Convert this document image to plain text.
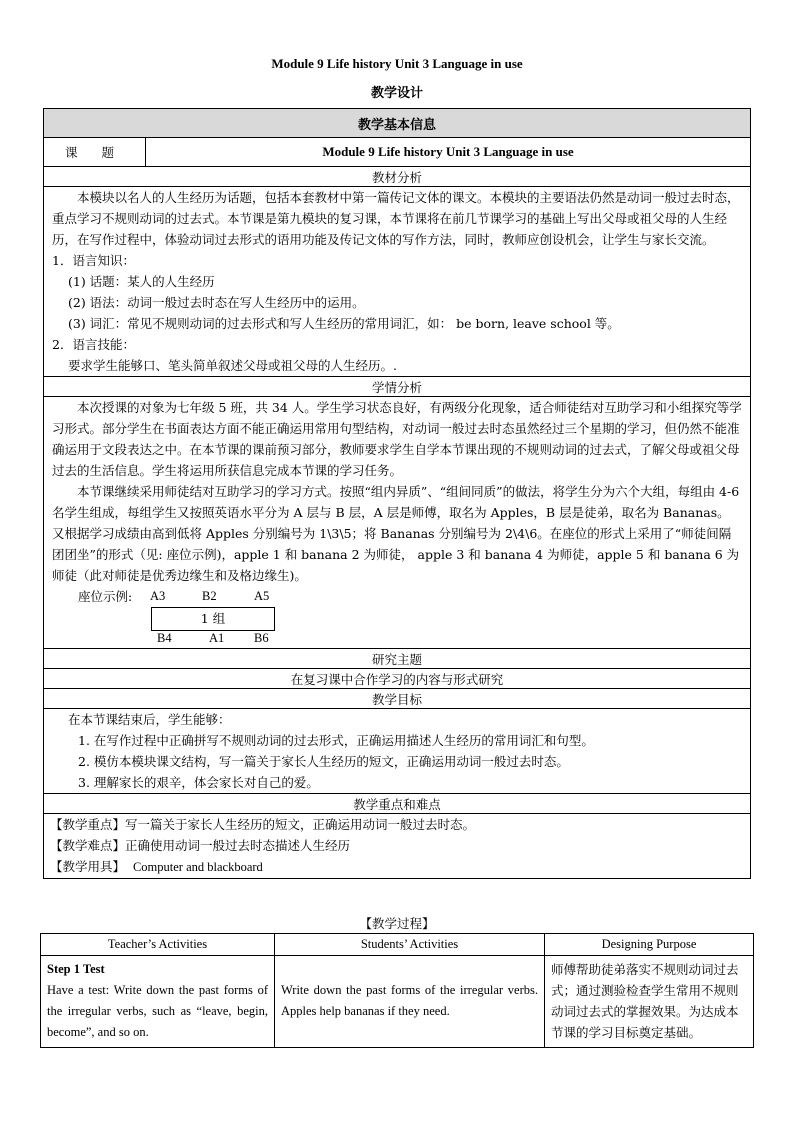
Module 9 Life history Unit 3 Language in use
教学设计
教学基本信息
课 题	Module 9 Life history Unit 3 Language in use
教材分析

本模块以名人的人生经历为话题，包括本套教材中第一篇传记文体的课文。本模块的主要语法仍然是动词一般过去时态，重点学习不规则动词的过去式。本节课是第九模块的复习课，本节课将在前几节课学习的基础上写出父母或祖父母的人生经历，在写作过程中，体验动词过去形式的语用功能及传记文体的写作方法，同时，教师应创设机会，让学生与家长交流。

1．语言知识：

(1) 话题：某人的人生经历

(2) 语法：动词一般过去时态在写人生经历中的运用。

(3) 词汇：常见不规则动词的过去形式和写人生经历的常用词汇，如： be born, leave school 等。

2．语言技能：

要求学生能够口、笔头简单叙述父母或祖父母的人生经历。.

学情分析

本次授课的对象为七年级 5 班，共 34 人。学生学习状态良好，有两级分化现象，适合师徒结对互助学习和小组探究等学习形式。部分学生在书面表达方面不能正确运用常用句型结构，对动词一般过去时态虽然经过三个星期的学习，但仍然不能准确运用于文段表达之中。在本节课的课前预习部分，教师要求学生自学本节课出现的不规则动词的过去式，了解父母或祖父母过去的生活信息。学生将运用所获信息完成本节课的学习任务。

本节课继续采用师徒结对互助学习的学习方式。按照“组内异质”、“组间同质”的做法，将学生分为六个大组，每组由 4-6 名学生组成，每组学生又按照英语水平分为 A 层与 B 层，A 层是师傅，取名为 Apples，B 层是徒弟，取名为 Bananas。又根据学习成绩由高到低将 Apples 分别编号为 1\3\5；将 Bananas 分别编号为 2\4\6。在座位的形式上采用了“师徒间隔团团坐”的形式（见: 座位示例)，apple 1 和 banana 2 为师徒， apple 3 和 banana 4 为师徒，apple 5 和 banana 6 为师徒（此对师徒是优秀边缘生和及格边缘生)。

座位示例: A3	B2	A5
1 组
B4	A1 B6

研究主题
在复习课中合作学习的内容与形式研究
教学目标

在本节课结束后，学生能够：

1. 在写作过程中正确拼写不规则动词的过去形式，正确运用描述人生经历的常用词汇和句型。

2. 模仿本模块课文结构，写一篇关于家长人生经历的短文，正确运用动词一般过去时态。

3. 理解家长的艰辛，体会家长对自己的爱。

教学重点和难点

【教学重点】写一篇关于家长人生经历的短文，正确运用动词一般过去时态。

【教学难点】正确使用动词一般过去时态描述人生经历

【教学用具】 Computer and blackboard

【教学过程】
Teacher’s Activities	Students’ Activities	Designing Purpose

Step 1 Test
Have a test: Write down the past forms of the irregular verbs, such as “leave, begin, become”, and so on.	Write down the past forms of the irregular verbs. Apples help bananas if they need.	师傅帮助徒弟落实不规则动词过去式；通过测验检查学生常用不规则动词过去式的掌握效果。为达成本节课的学习目标奠定基础。
